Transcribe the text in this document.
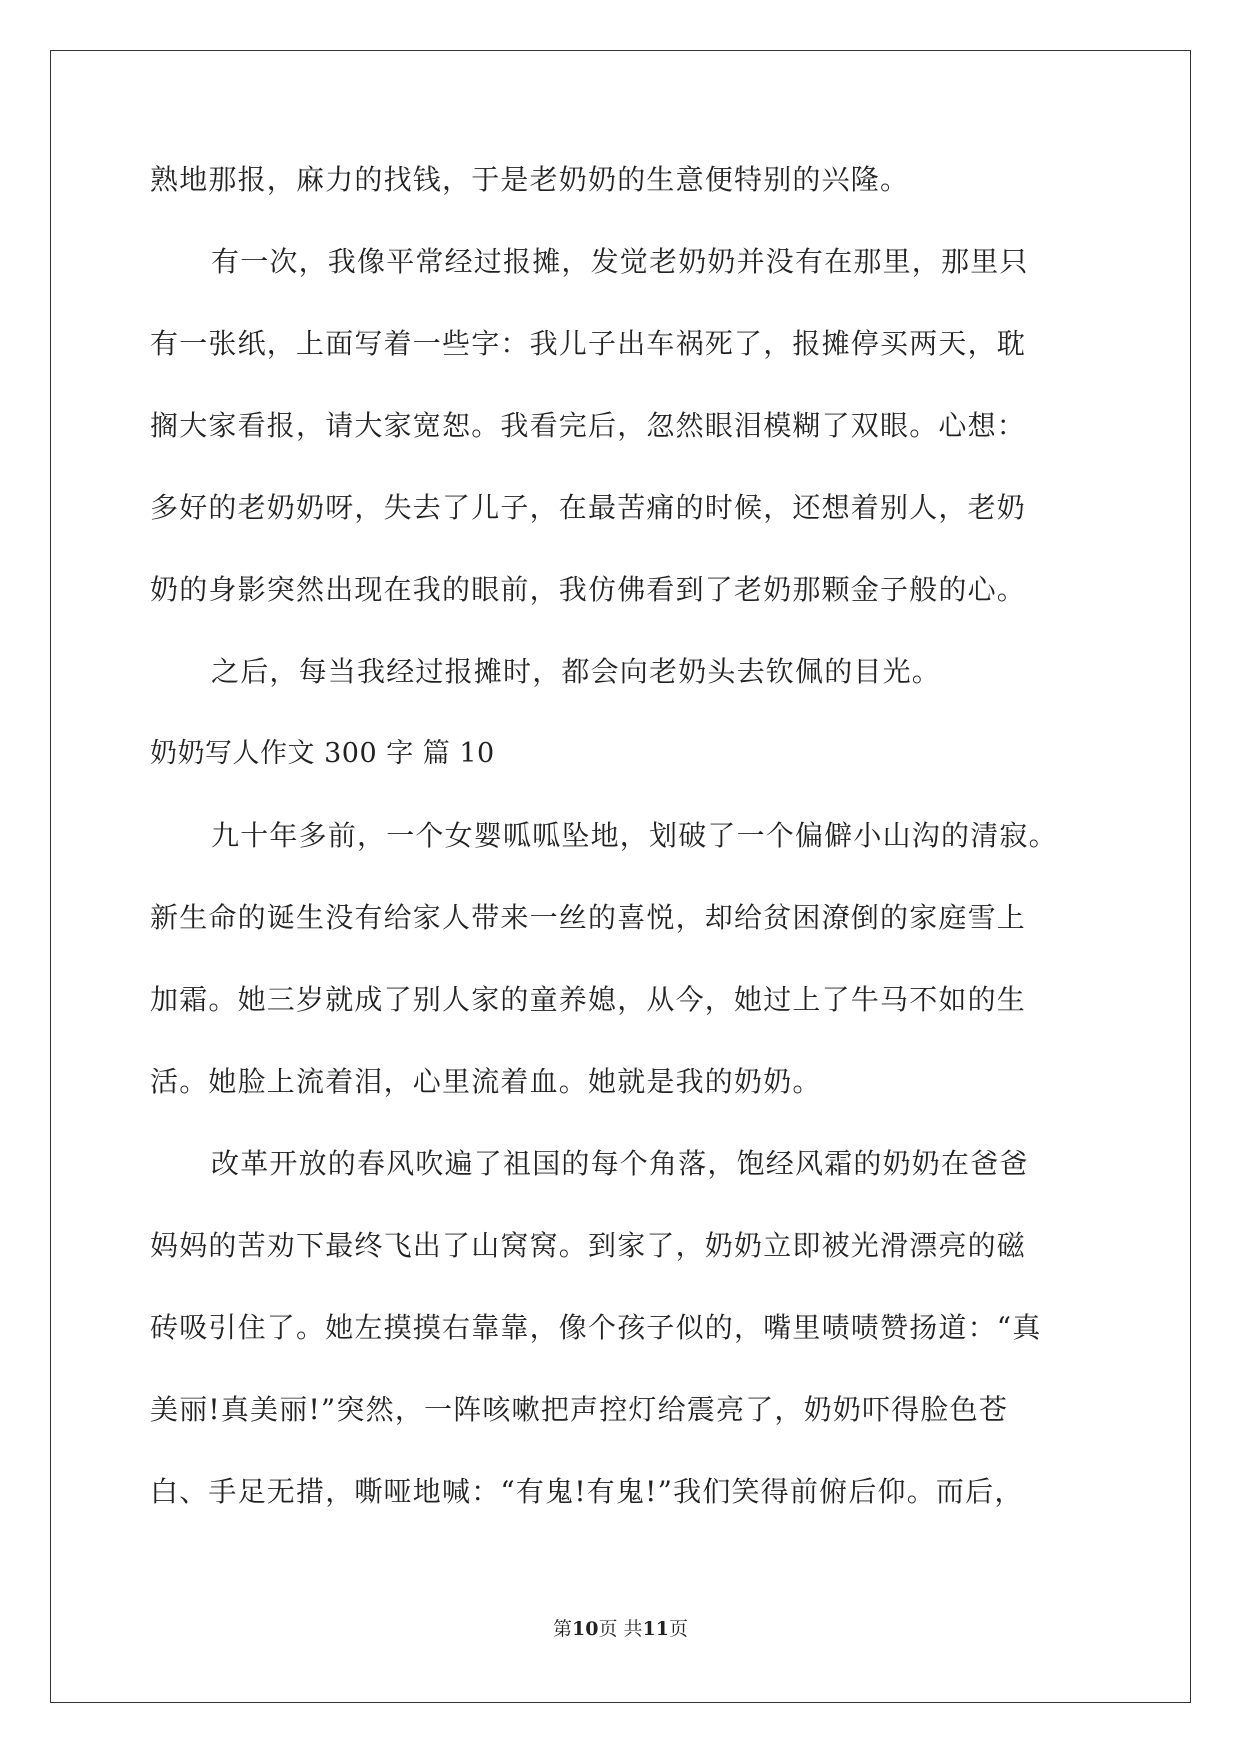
熟地那报，麻力的找钱，于是老奶奶的生意便特别的兴隆。
有一次，我像平常经过报摊，发觉老奶奶并没有在那里，那里只
有一张纸，上面写着一些字：我儿子出车祸死了，报摊停买两天，耽
搁大家看报，请大家宽恕。我看完后，忽然眼泪模糊了双眼。心想：
多好的老奶奶呀，失去了儿子，在最苦痛的时候，还想着别人，老奶
奶的身影突然出现在我的眼前，我仿佛看到了老奶那颗金子般的心。
之后，每当我经过报摊时，都会向老奶头去钦佩的目光。
奶奶写人作文 300 字 篇 10
九十年多前，一个女婴呱呱坠地，划破了一个偏僻小山沟的清寂。
新生命的诞生没有给家人带来一丝的喜悦，却给贫困潦倒的家庭雪上
加霜。她三岁就成了别人家的童养媳，从今，她过上了牛马不如的生
活。她脸上流着泪，心里流着血。她就是我的奶奶。
改革开放的春风吹遍了祖国的每个角落，饱经风霜的奶奶在爸爸
妈妈的苦劝下最终飞出了山窝窝。到家了，奶奶立即被光滑漂亮的磁
砖吸引住了。她左摸摸右靠靠，像个孩子似的，嘴里啧啧赞扬道：“真
美丽!真美丽!”突然，一阵咳嗽把声控灯给震亮了，奶奶吓得脸色苍
白、手足无措，嘶哑地喊：“有鬼!有鬼!”我们笑得前俯后仰。而后，
第10页 共11页
